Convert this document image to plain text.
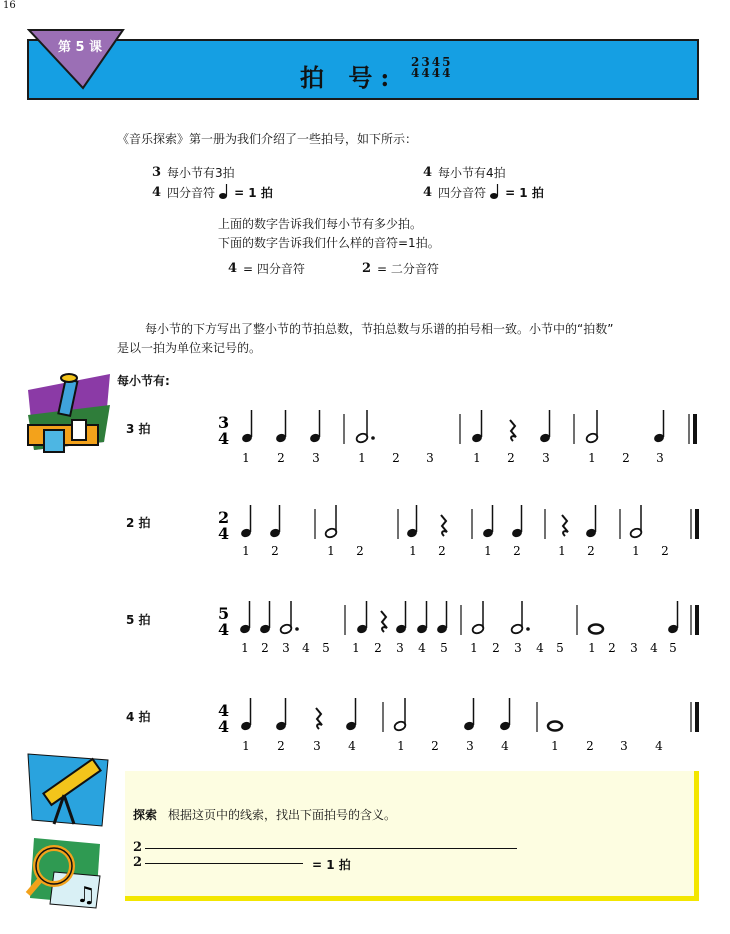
16
第 5 课
拍 号:
2
4
3
4
4
4
5
4
《音乐探索》第一册为我们介绍了一些拍号，如下所示：
3 每小节有3拍
4 四分音符 = 1 拍
4 每小节有4拍
4 四分音符 = 1 拍
上面的数字告诉我们每小节有多少拍。
下面的数字告诉我们什么样的音符=1拍。
4 = 四分音符	2 = 二分音符
每小节的下方写出了整小节的节拍总数，节拍总数与乐谱的拍号相一致。小节中的“拍数”
是以一拍为单位来记号的。
每小节有:
3 拍
2 拍
5 拍
4 拍
3
4
1 2 3	1 2 3	1 2 3	1 2 3
2
4
1 2	1 2	1 2	1 2	1 2	1 2
5
4
1 2 3 4 5 1 2 3 4 5 1 2 3 4 5 1 2 3 4 5
4
4
1 2 3 4	1 2 3 4	1 2 3 4
♫
探索 根据这页中的线索，找出下面拍号的含义。
2
2	= 1 拍
